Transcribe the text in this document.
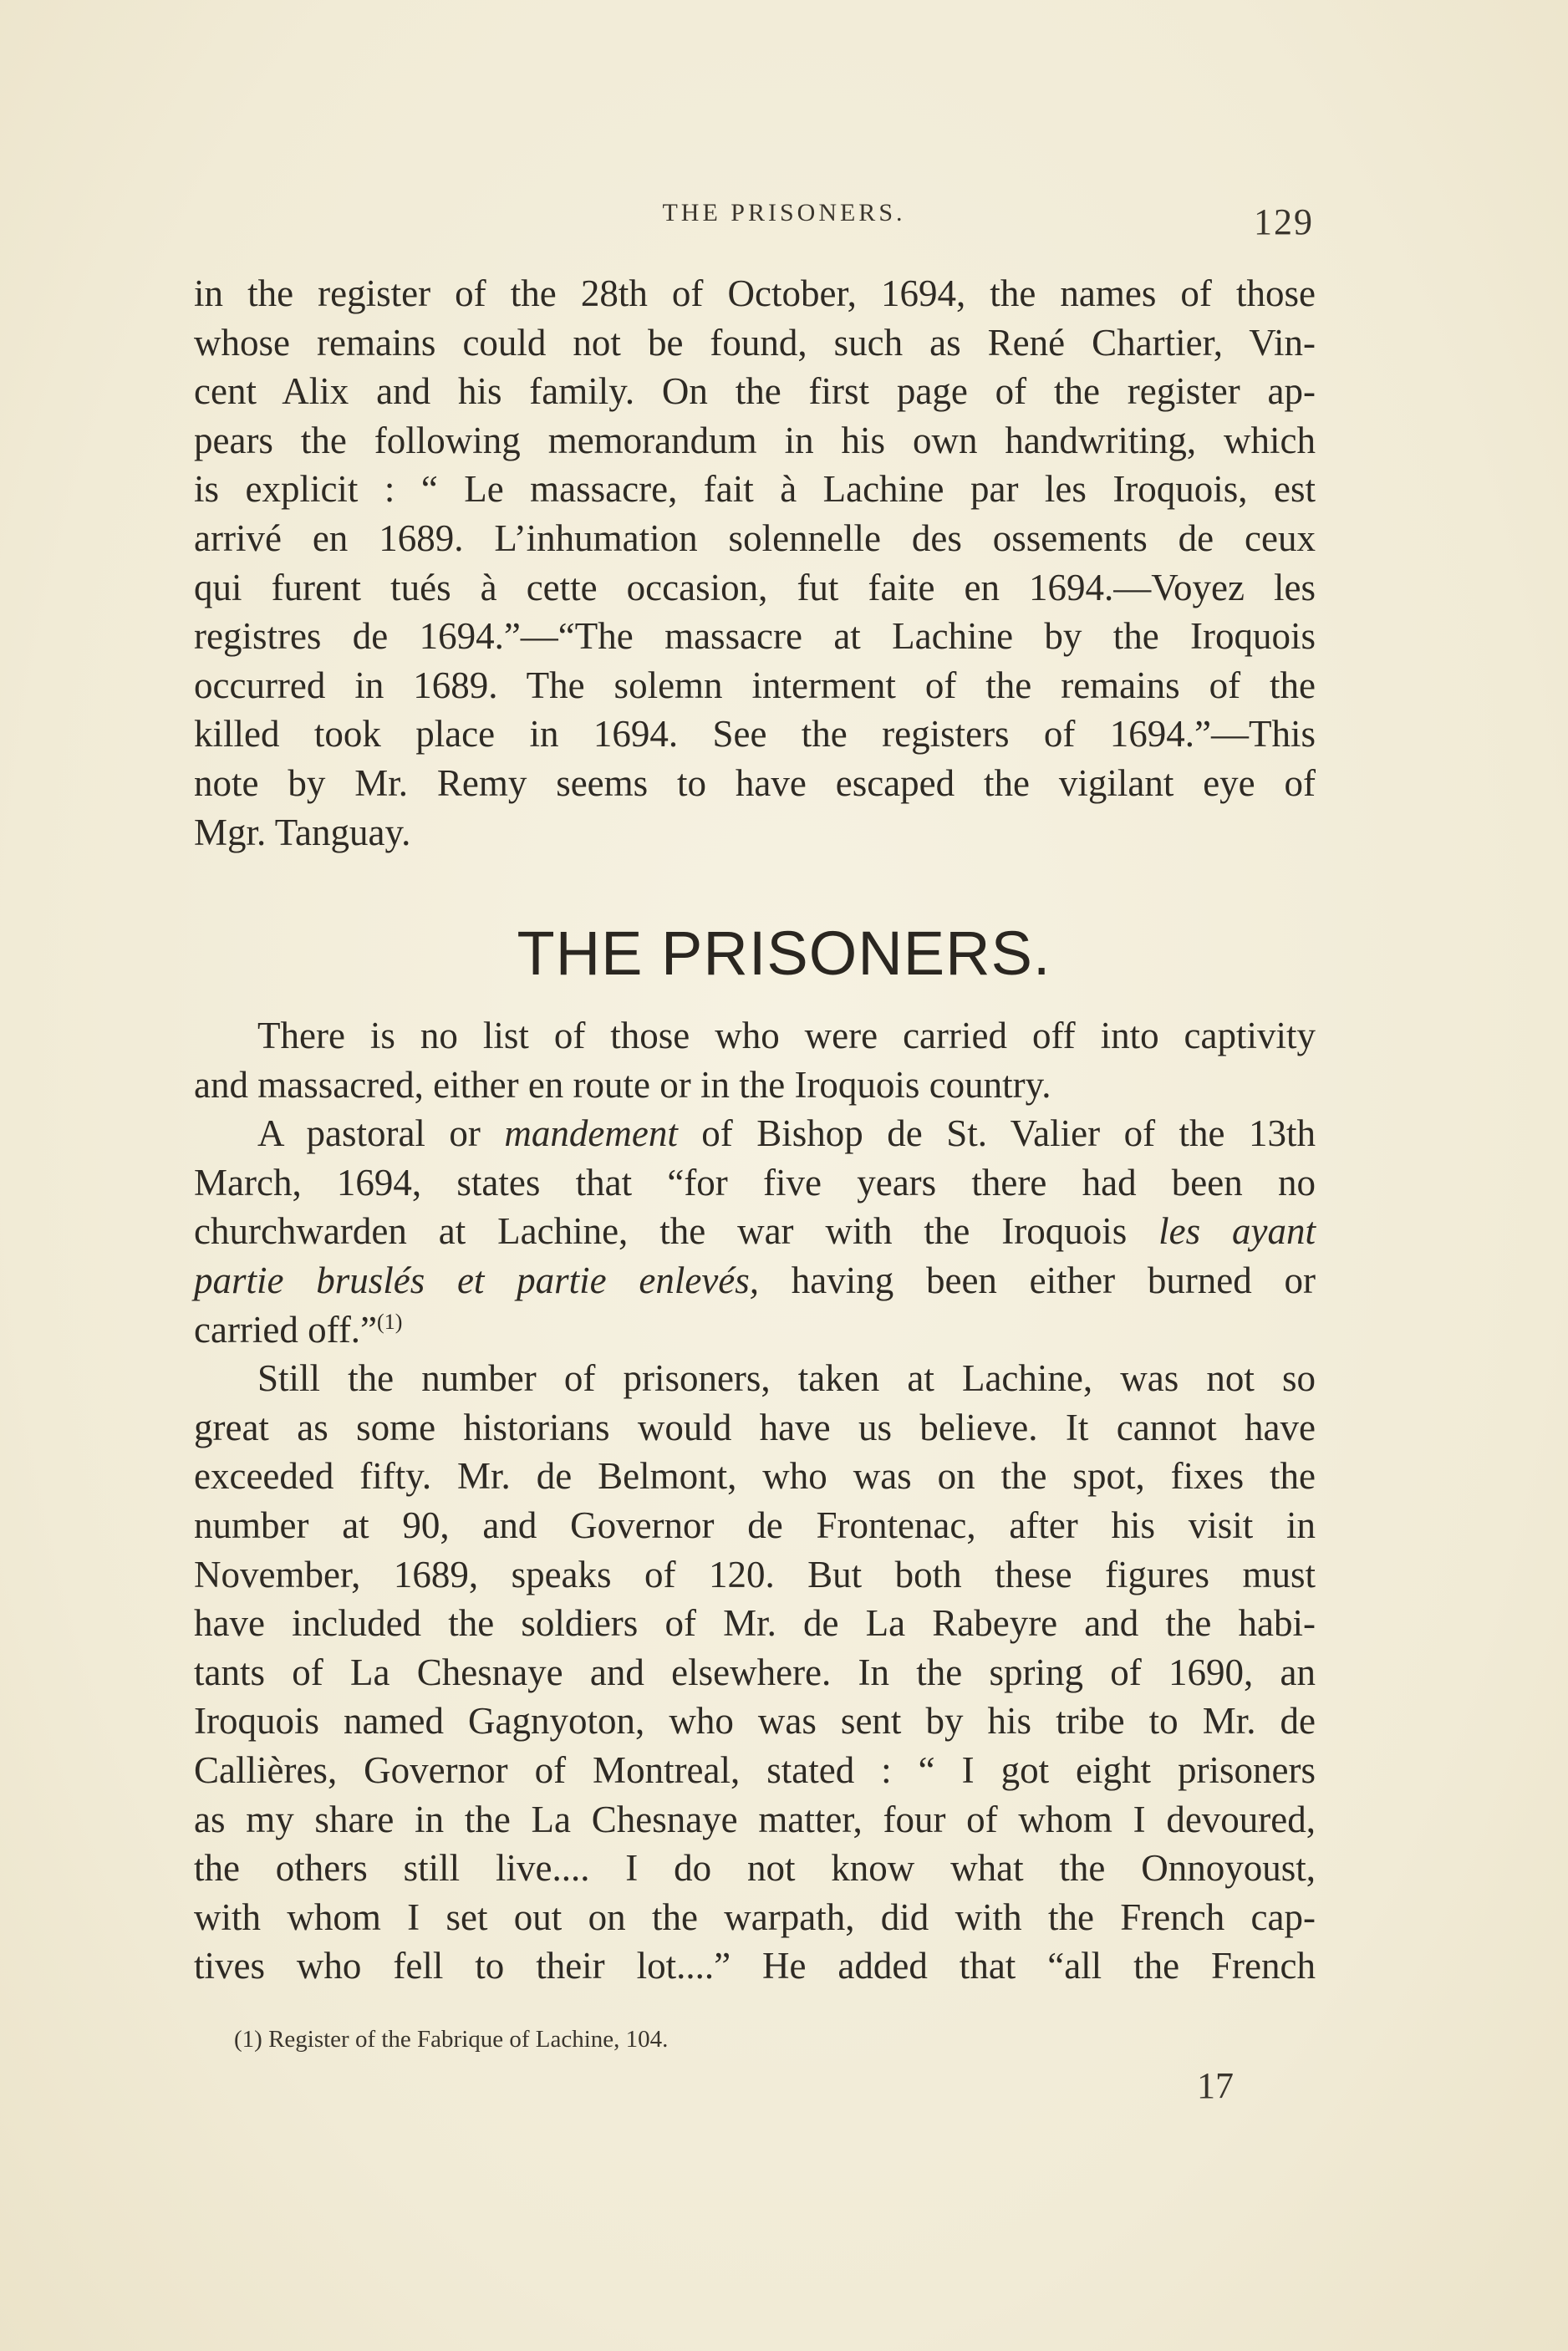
THE PRISONERS.	129
in the register of the 28th of October, 1694, the names of those
whose remains could not be found, such as René Chartier, Vin-
cent Alix and his family. On the first page of the register ap-
pears the following memorandum in his own handwriting, which
is explicit : “ Le massacre, fait à Lachine par les Iroquois, est
arrivé en 1689. L’inhumation solennelle des ossements de ceux
qui furent tués à cette occasion, fut faite en 1694.—Voyez les
registres de 1694.”—“The massacre at Lachine by the Iroquois
occurred in 1689. The solemn interment of the remains of the
killed took place in 1694. See the registers of 1694.”—This
note by Mr. Remy seems to have escaped the vigilant eye of
Mgr. Tanguay.
THE PRISONERS.
There is no list of those who were carried off into captivity
and massacred, either en route or in the Iroquois country.
A pastoral or mandement of Bishop de St. Valier of the 13th
March, 1694, states that “for five years there had been no
churchwarden at Lachine, the war with the Iroquois les ayant
partie bruslés et partie enlevés, having been either burned or
carried off.”$^{(1)}$
Still the number of prisoners, taken at Lachine, was not so
great as some historians would have us believe. It cannot have
exceeded fifty. Mr. de Belmont, who was on the spot, fixes the
number at 90, and Governor de Frontenac, after his visit in
November, 1689, speaks of 120. But both these figures must
have included the soldiers of Mr. de La Rabeyre and the habi-
tants of La Chesnaye and elsewhere. In the spring of 1690, an
Iroquois named Gagnyoton, who was sent by his tribe to Mr. de
Callières, Governor of Montreal, stated : “ I got eight prisoners
as my share in the La Chesnaye matter, four of whom I devoured,
the others still live.... I do not know what the Onnoyoust,
with whom I set out on the warpath, did with the French cap-
tives who fell to their lot....” He added that “all the French
(1) Register of the Fabrique of Lachine, 104.
17
